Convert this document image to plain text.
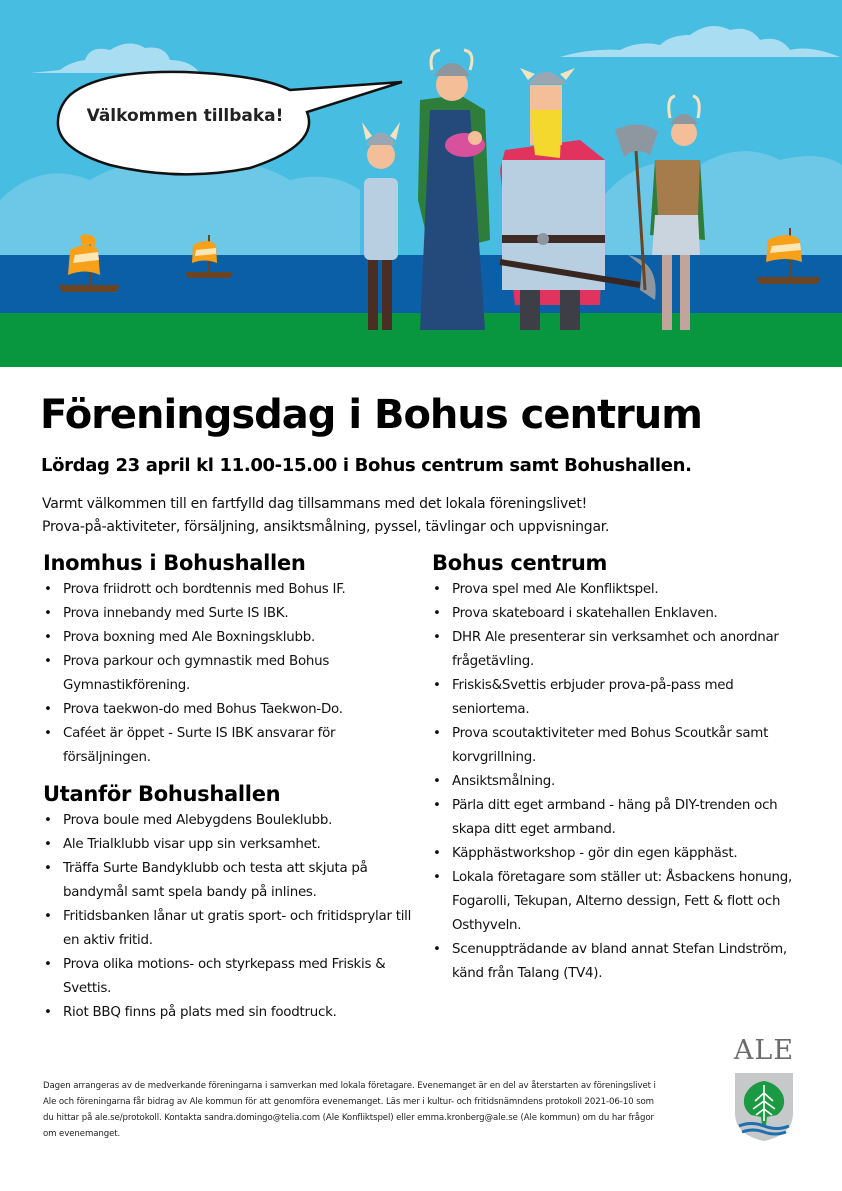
Välkommen tillbaka!
Föreningsdag i Bohus centrum
Lördag 23 april kl 11.00-15.00 i Bohus centrum samt Bohushallen.
Varmt välkommen till en fartfylld dag tillsammans med det lokala föreningslivet!
Prova-på-aktiviteter, försäljning, ansiktsmålning, pyssel, tävlingar och uppvisningar.
Inomhus i Bohushallen
• Prova friidrott och bordtennis med Bohus IF.
• Prova innebandy med Surte IS IBK.
• Prova boxning med Ale Boxningsklubb.
• Prova parkour och gymnastik med Bohus Gymnastikförening.
• Prova taekwon-do med Bohus Taekwon-Do.
• Caféet är öppet - Surte IS IBK ansvarar för försäljningen.
Utanför Bohushallen
• Prova boule med Alebygdens Bouleklubb.
• Ale Trialklubb visar upp sin verksamhet.
• Träffa Surte Bandyklubb och testa att skjuta på bandymål samt spela bandy på inlines.
• Fritidsbanken lånar ut gratis sport- och fritidsprylar till en aktiv fritid.
• Prova olika motions- och styrkepass med Friskis & Svettis.
• Riot BBQ finns på plats med sin foodtruck.
Bohus centrum
• Prova spel med Ale Konfliktspel.
• Prova skateboard i skatehallen Enklaven.
• DHR Ale presenterar sin verksamhet och anordnar frågetävling.
• Friskis&Svettis erbjuder prova-på-pass med seniortema.
• Prova scoutaktiviteter med Bohus Scoutkår samt korvgrillning.
• Ansiktsmålning.
• Pärla ditt eget armband - häng på DIY-trenden och skapa ditt eget armband.
• Käpphästworkshop - gör din egen käpphäst.
• Lokala företagare som ställer ut: Åsbackens honung, Fogarolli, Tekupan, Alterno dessign, Fett & flott och Osthyveln.
• Scenuppträdande av bland annat Stefan Lindström, känd från Talang (TV4).
Dagen arrangeras av de medverkande föreningarna i samverkan med lokala företagare. Evenemanget är en del av återstarten av föreningslivet i Ale och föreningarna får bidrag av Ale kommun för att genomföra evenemanget. Läs mer i kultur- och fritidsnämndens protokoll 2021-06-10 som du hittar på ale.se/protokoll. Kontakta sandra.domingo@telia.com (Ale Konfliktspel) eller emma.kronberg@ale.se (Ale kommun) om du har frågor om evenemanget.
ALE
